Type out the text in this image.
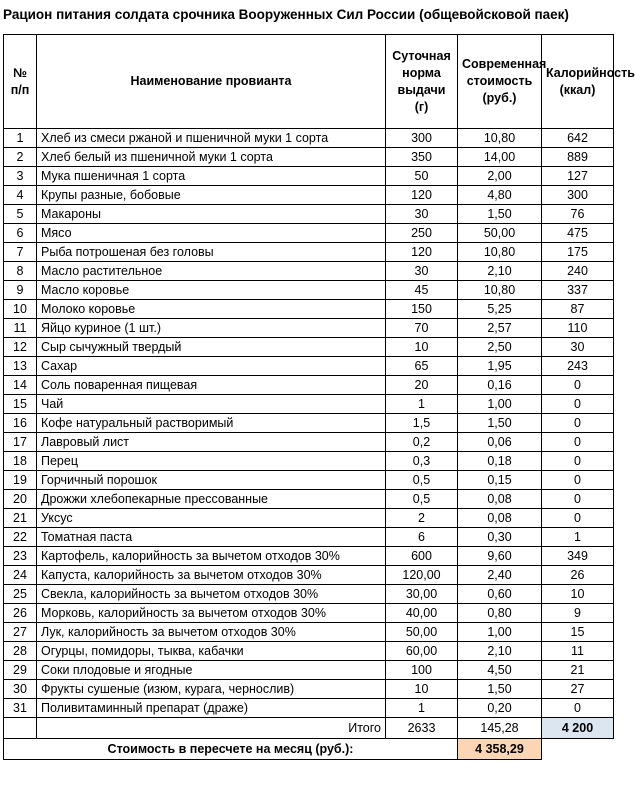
Рацион питания солдата срочника Вооруженных Сил России (общевойсковой паек)
№ п/п	Наименование провианта	Суточная норма выдачи (г)	Современная стоимость (руб.)	Калорийность (ккал)
1	Хлеб из смеси ржаной и пшеничной муки 1 сорта	300	10,80	642
2	Хлеб белый из пшеничной муки 1 сорта	350	14,00	889
3	Мука пшеничная 1 сорта	50	2,00	127
4	Крупы разные, бобовые	120	4,80	300
5	Макароны	30	1,50	76
6	Мясо	250	50,00	475
7	Рыба потрошеная без головы	120	10,80	175
8	Масло растительное	30	2,10	240
9	Масло коровье	45	10,80	337
10	Молоко коровье	150	5,25	87
11	Яйцо куриное (1 шт.)	70	2,57	110
12	Сыр сычужный твердый	10	2,50	30
13	Сахар	65	1,95	243
14	Соль поваренная пищевая	20	0,16	0
15	Чай	1	1,00	0
16	Кофе натуральный растворимый	1,5	1,50	0
17	Лавровый лист	0,2	0,06	0
18	Перец	0,3	0,18	0
19	Горчичный порошок	0,5	0,15	0
20	Дрожжи хлебопекарные прессованные	0,5	0,08	0
21	Уксус	2	0,08	0
22	Томатная паста	6	0,30	1
23	Картофель, калорийность за вычетом отходов 30%	600	9,60	349
24	Капуста, калорийность за вычетом отходов 30%	120,00	2,40	26
25	Свекла, калорийность за вычетом отходов 30%	30,00	0,60	10
26	Морковь, калорийность за вычетом отходов 30%	40,00	0,80	9
27	Лук, калорийность за вычетом отходов 30%	50,00	1,00	15
28	Огурцы, помидоры, тыква, кабачки	60,00	2,10	11
29	Соки плодовые и ягодные	100	4,50	21
30	Фрукты сушеные (изюм, курага, чернослив)	10	1,50	27
31	Поливитаминный препарат (драже)	1	0,20	0
	Итого	2633	145,28	4 200
Стоимость в пересчете на месяц (руб.):			4 358,29	
